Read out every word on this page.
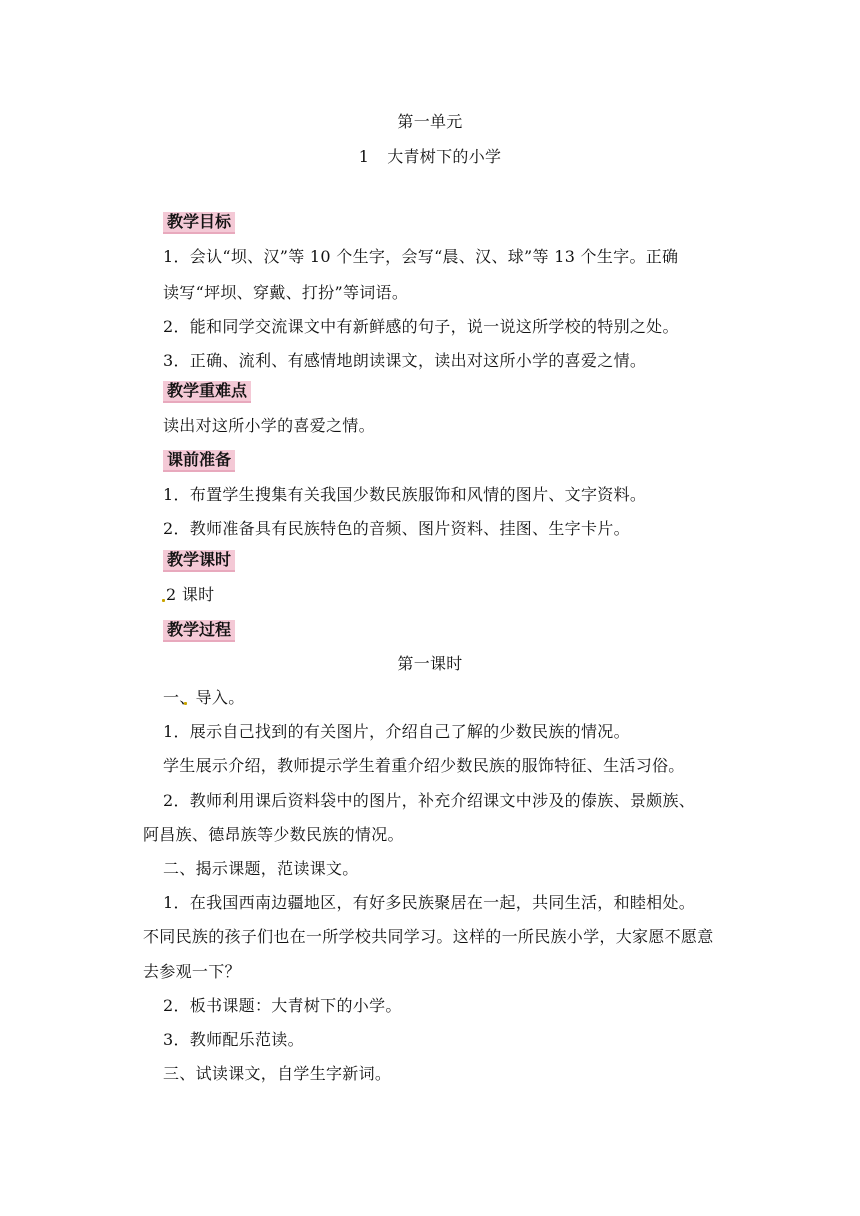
第一单元
1 大青树下的小学
教学目标
1．会认“坝、汉”等 10 个生字，会写“晨、汉、球”等 13 个生字。正确
读写“坪坝、穿戴、打扮”等词语。
2．能和同学交流课文中有新鲜感的句子，说一说这所学校的特别之处。
3．正确、流利、有感情地朗读课文，读出对这所小学的喜爱之情。
教学重难点
读出对这所小学的喜爱之情。
课前准备
1．布置学生搜集有关我国少数民族服饰和风情的图片、文字资料。
2．教师准备具有民族特色的音频、图片资料、挂图、生字卡片。
教学课时
2 课时
教学过程
第一课时
一、导入。
1．展示自己找到的有关图片，介绍自己了解的少数民族的情况。
学生展示介绍，教师提示学生着重介绍少数民族的服饰特征、生活习俗。
2．教师利用课后资料袋中的图片，补充介绍课文中涉及的傣族、景颇族、
阿昌族、德昂族等少数民族的情况。
二、揭示课题，范读课文。
1．在我国西南边疆地区，有好多民族聚居在一起，共同生活，和睦相处。
不同民族的孩子们也在一所学校共同学习。这样的一所民族小学，大家愿不愿意
去参观一下？
2．板书课题：大青树下的小学。
3．教师配乐范读。
三、试读课文，自学生字新词。
